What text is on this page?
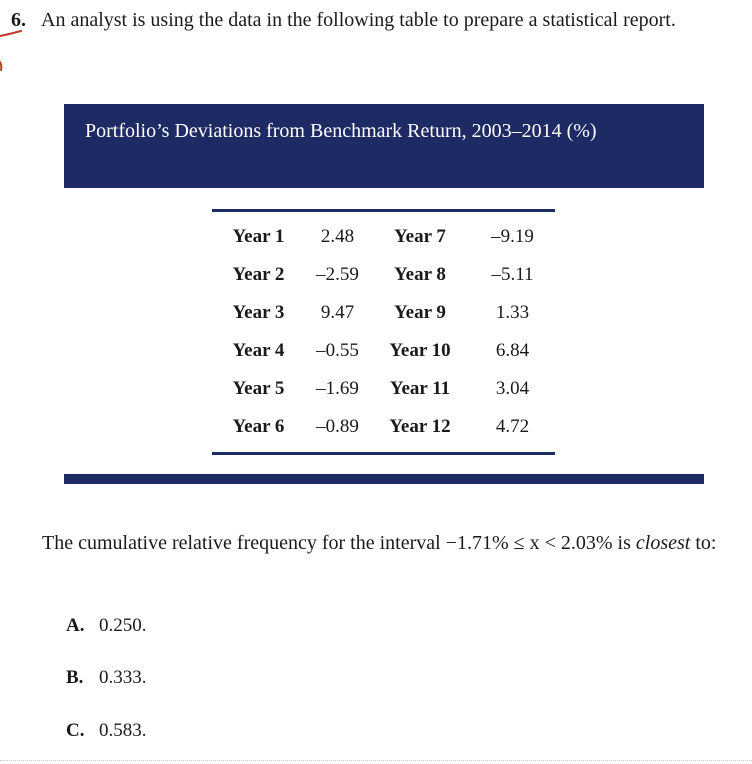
6. An analyst is using the data in the following table to prepare a statistical report.
Portfolio’s Deviations from Benchmark Return, 2003–2014 (%)
Year 1	2.48	Year 7	–9.19
Year 2	–2.59	Year 8	–5.11
Year 3	9.47	Year 9	1.33
Year 4	–0.55	Year 10	6.84
Year 5	–1.69	Year 11	3.04
Year 6	–0.89	Year 12	4.72
The cumulative relative frequency for the interval −1.71% ≤ x < 2.03% is closest to:
A. 0.250.
B. 0.333.
C. 0.583.
